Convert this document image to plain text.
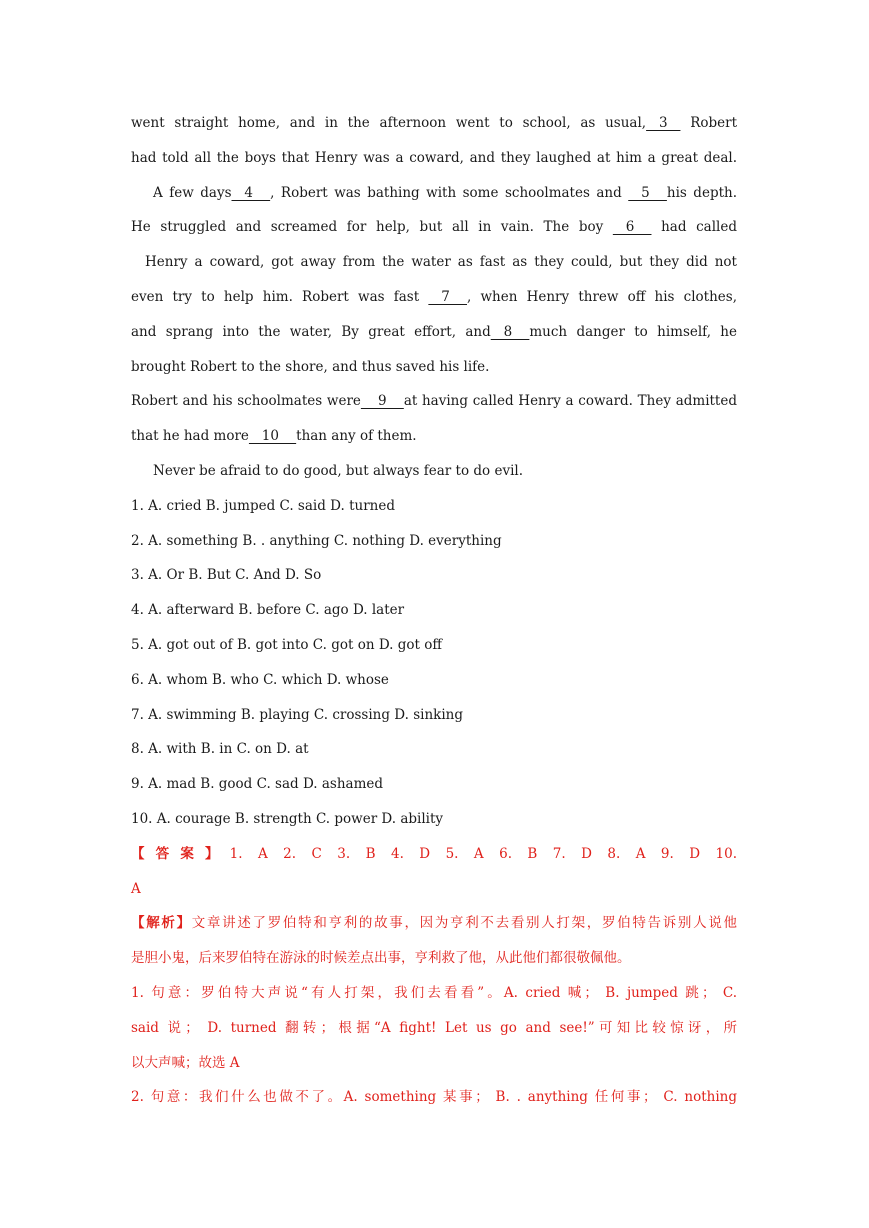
went straight home, and in the afternoon went to school, as usual,   3    Robert
had told all the boys that Henry was a coward, and they laughed at him a great deal.
A few days   4    , Robert was bathing with some schoolmates and    5    his depth.
He struggled and screamed for help, but all in vain. The boy    6     had called
Henry a coward, got away from the water as fast as they could, but they did not
even try to help him. Robert was fast    7    , when Henry threw off his clothes,
and sprang into the water, By great effort, and   8    much danger to himself, he
brought Robert to the shore, and thus saved his life.
Robert and his schoolmates were    9    at having called Henry a coward. They admitted
that he had more   10    than any of them.
Never be afraid to do good, but always fear to do evil.
1. A. cried B. jumped C. said D. turned
2. A. something B. . anything C. nothing D. everything
3. A. Or B. But C. And D. So
4. A. afterward B. before C. ago D. later
5. A. got out of B. got into C. got on D. got off
6. A. whom B. who C. which D. whose
7. A. swimming B. playing C. crossing D. sinking
8. A. with B. in C. on D. at
9. A. mad B. good C. sad D. ashamed
10. A. courage B. strength C. power D. ability
【答案】1. A 2. C 3. B 4. D 5. A 6. B 7. D 8. A 9. D 10.
A
【解析】文章讲述了罗伯特和亨利的故事，因为亨利不去看别人打架，罗伯特告诉别人说他
是胆小鬼，后来罗伯特在游泳的时候差点出事，亨利救了他，从此他们都很敬佩他。
1. 句意：罗伯特大声说“有人打架，我们去看看”。A. cried 喊； B. jumped 跳； C.
said 说； D. turned 翻转；根据“A fight! Let us go and see!”可知比较惊讶，所
以大声喊；故选 A
2. 句意：我们什么也做不了。A. something 某事； B. . anything 任何事； C. nothing
